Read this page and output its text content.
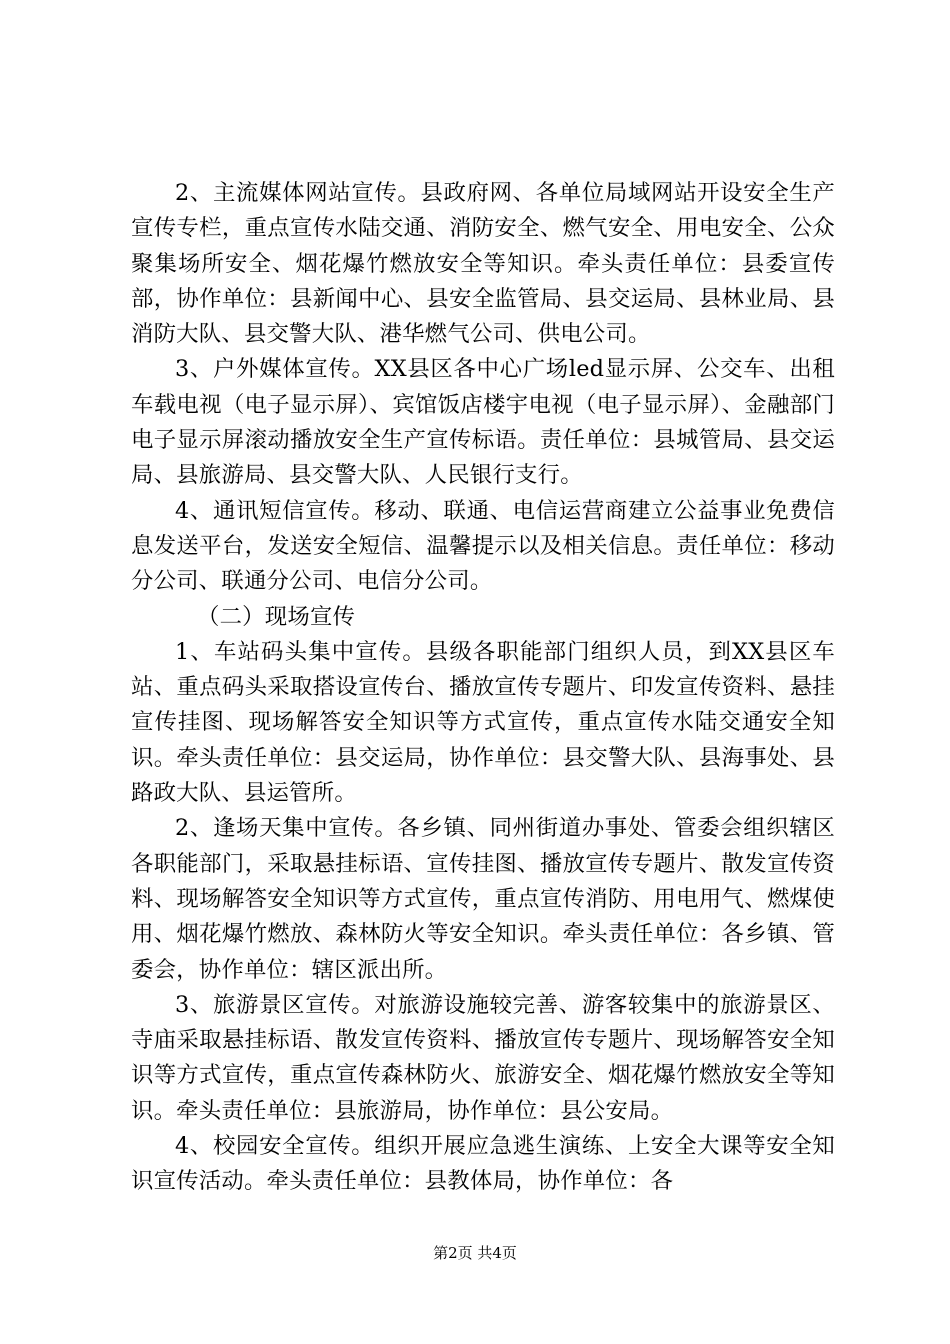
2、主流媒体网站宣传。县政府网、各单位局域网站开设安全生产宣传专栏，重点宣传水陆交通、消防安全、燃气安全、用电安全、公众聚集场所安全、烟花爆竹燃放安全等知识。牵头责任单位：县委宣传部，协作单位：县新闻中心、县安全监管局、县交运局、县林业局、县消防大队、县交警大队、港华燃气公司、供电公司。

3、户外媒体宣传。XX县区各中心广场led显示屏、公交车、出租车载电视（电子显示屏）、宾馆饭店楼宇电视（电子显示屏）、金融部门电子显示屏滚动播放安全生产宣传标语。责任单位：县城管局、县交运局、县旅游局、县交警大队、人民银行支行。

4、通讯短信宣传。移动、联通、电信运营商建立公益事业免费信息发送平台，发送安全短信、温馨提示以及相关信息。责任单位：移动分公司、联通分公司、电信分公司。

（二）现场宣传

1、车站码头集中宣传。县级各职能部门组织人员，到XX县区车站、重点码头采取搭设宣传台、播放宣传专题片、印发宣传资料、悬挂宣传挂图、现场解答安全知识等方式宣传，重点宣传水陆交通安全知识。牵头责任单位：县交运局，协作单位：县交警大队、县海事处、县路政大队、县运管所。

2、逢场天集中宣传。各乡镇、同州街道办事处、管委会组织辖区各职能部门，采取悬挂标语、宣传挂图、播放宣传专题片、散发宣传资料、现场解答安全知识等方式宣传，重点宣传消防、用电用气、燃煤使用、烟花爆竹燃放、森林防火等安全知识。牵头责任单位：各乡镇、管委会，协作单位：辖区派出所。

3、旅游景区宣传。对旅游设施较完善、游客较集中的旅游景区、寺庙采取悬挂标语、散发宣传资料、播放宣传专题片、现场解答安全知识等方式宣传，重点宣传森林防火、旅游安全、烟花爆竹燃放安全等知识。牵头责任单位：县旅游局，协作单位：县公安局。

4、校园安全宣传。组织开展应急逃生演练、上安全大课等安全知识宣传活动。牵头责任单位：县教体局，协作单位：各

第2页 共4页
